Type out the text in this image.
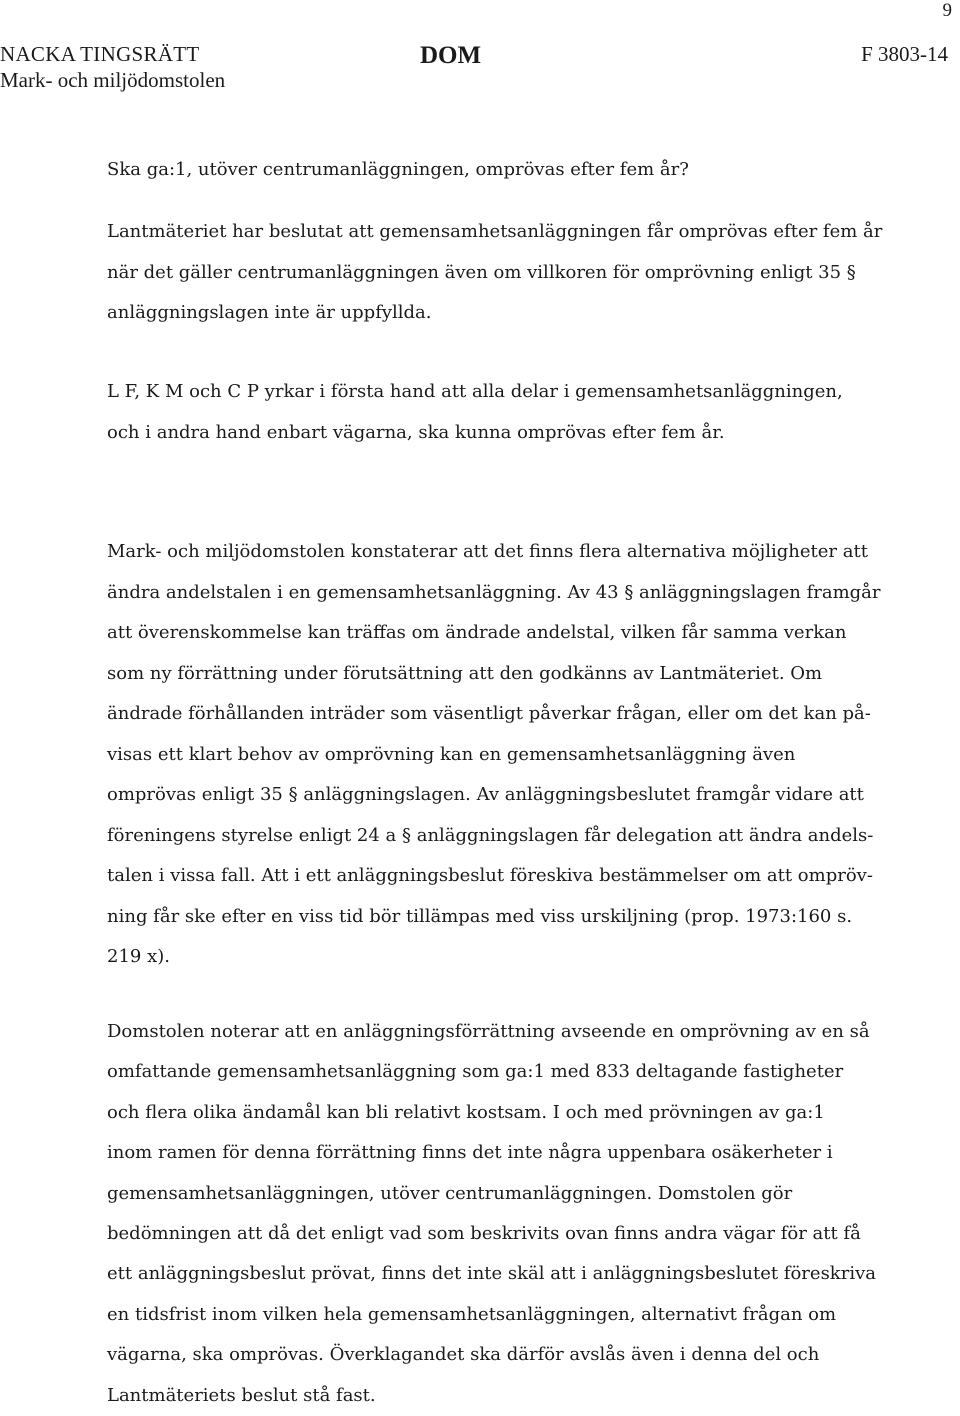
9
NACKA TINGSRÄTT
Mark- och miljödomstolen
DOM	F 3803-14

Ska ga:1, utöver centrumanläggningen, omprövas efter fem år?

Lantmäteriet har beslutat att gemensamhetsanläggningen får omprövas efter fem år
när det gäller centrumanläggningen även om villkoren för omprövning enligt 35 §
anläggningslagen inte är uppfyllda.

L F, K M och C P yrkar i första hand att alla delar i gemensamhetsanläggningen,
och i andra hand enbart vägarna, ska kunna omprövas efter fem år.

Mark- och miljödomstolen konstaterar att det finns flera alternativa möjligheter att
ändra andelstalen i en gemensamhetsanläggning. Av 43 § anläggningslagen framgår
att överenskommelse kan träffas om ändrade andelstal, vilken får samma verkan
som ny förrättning under förutsättning att den godkänns av Lantmäteriet. Om
ändrade förhållanden inträder som väsentligt påverkar frågan, eller om det kan på-
visas ett klart behov av omprövning kan en gemensamhetsanläggning även
omprövas enligt 35 § anläggningslagen. Av anläggningsbeslutet framgår vidare att
föreningens styrelse enligt 24 a § anläggningslagen får delegation att ändra andels-
talen i vissa fall. Att i ett anläggningsbeslut föreskiva bestämmelser om att ompröv-
ning får ske efter en viss tid bör tillämpas med viss urskiljning (prop. 1973:160 s.
219 x).

Domstolen noterar att en anläggningsförrättning avseende en omprövning av en så
omfattande gemensamhetsanläggning som ga:1 med 833 deltagande fastigheter
och flera olika ändamål kan bli relativt kostsam. I och med prövningen av ga:1
inom ramen för denna förrättning finns det inte några uppenbara osäkerheter i
gemensamhetsanläggningen, utöver centrumanläggningen. Domstolen gör
bedömningen att då det enligt vad som beskrivits ovan finns andra vägar för att få
ett anläggningsbeslut prövat, finns det inte skäl att i anläggningsbeslutet föreskriva
en tidsfrist inom vilken hela gemensamhetsanläggningen, alternativt frågan om
vägarna, ska omprövas. Överklagandet ska därför avslås även i denna del och
Lantmäteriets beslut stå fast.
